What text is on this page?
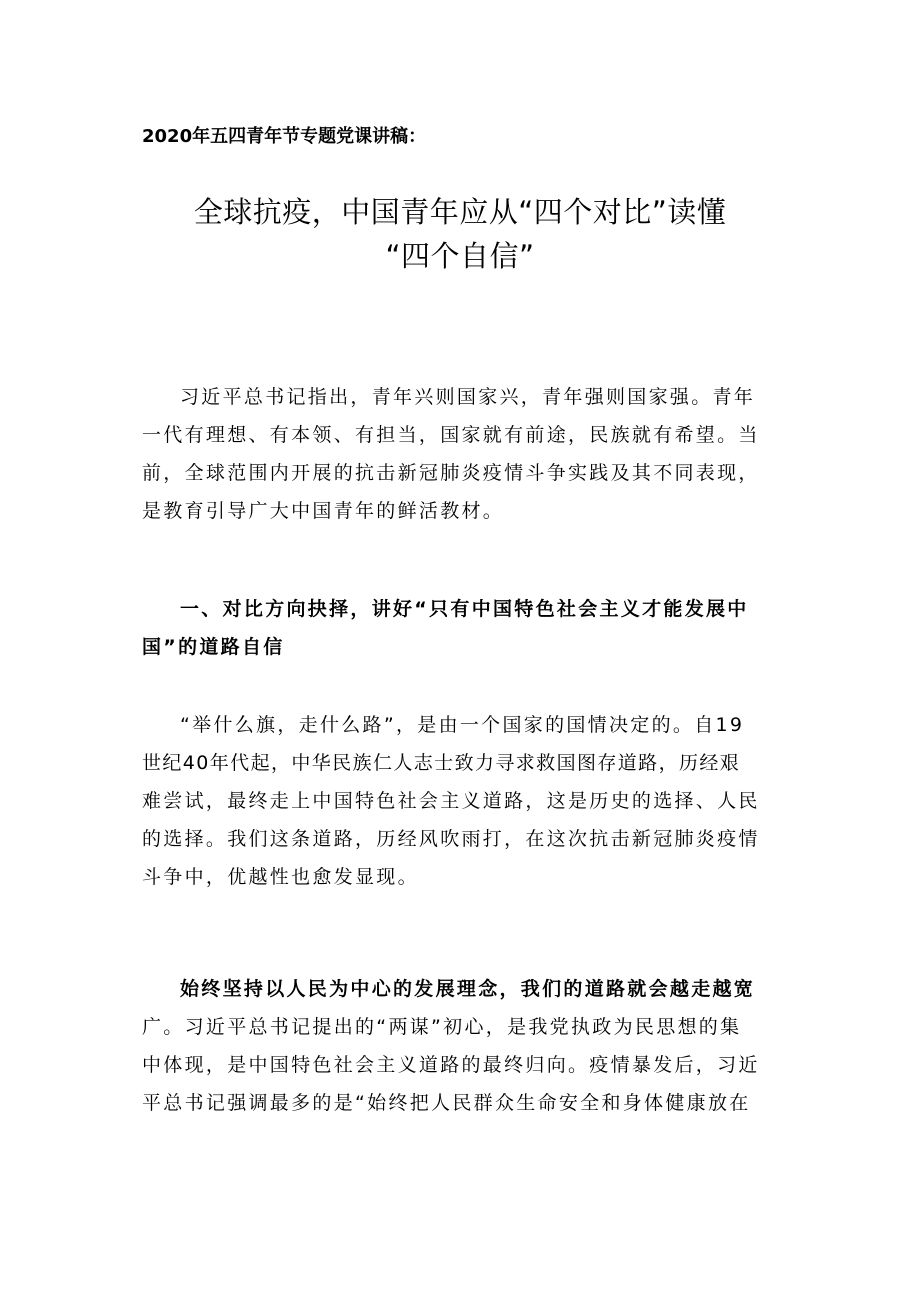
2020年五四青年节专题党课讲稿：
全球抗疫，中国青年应从“四个对比”读懂
“四个自信”
习近平总书记指出，青年兴则国家兴，青年强则国家强。青年
一代有理想、有本领、有担当，国家就有前途，民族就有希望。当
前，全球范围内开展的抗击新冠肺炎疫情斗争实践及其不同表现，
是教育引导广大中国青年的鲜活教材。
一、对比方向抉择，讲好“只有中国特色社会主义才能发展中
国”的道路自信
“举什么旗，走什么路”，是由一个国家的国情决定的。自19
世纪40年代起，中华民族仁人志士致力寻求救国图存道路，历经艰
难尝试，最终走上中国特色社会主义道路，这是历史的选择、人民
的选择。我们这条道路，历经风吹雨打，在这次抗击新冠肺炎疫情
斗争中，优越性也愈发显现。
始终坚持以人民为中心的发展理念，我们的道路就会越走越宽
广。习近平总书记提出的“两谋”初心，是我党执政为民思想的集
中体现，是中国特色社会主义道路的最终归向。疫情暴发后，习近
平总书记强调最多的是“始终把人民群众生命安全和身体健康放在
